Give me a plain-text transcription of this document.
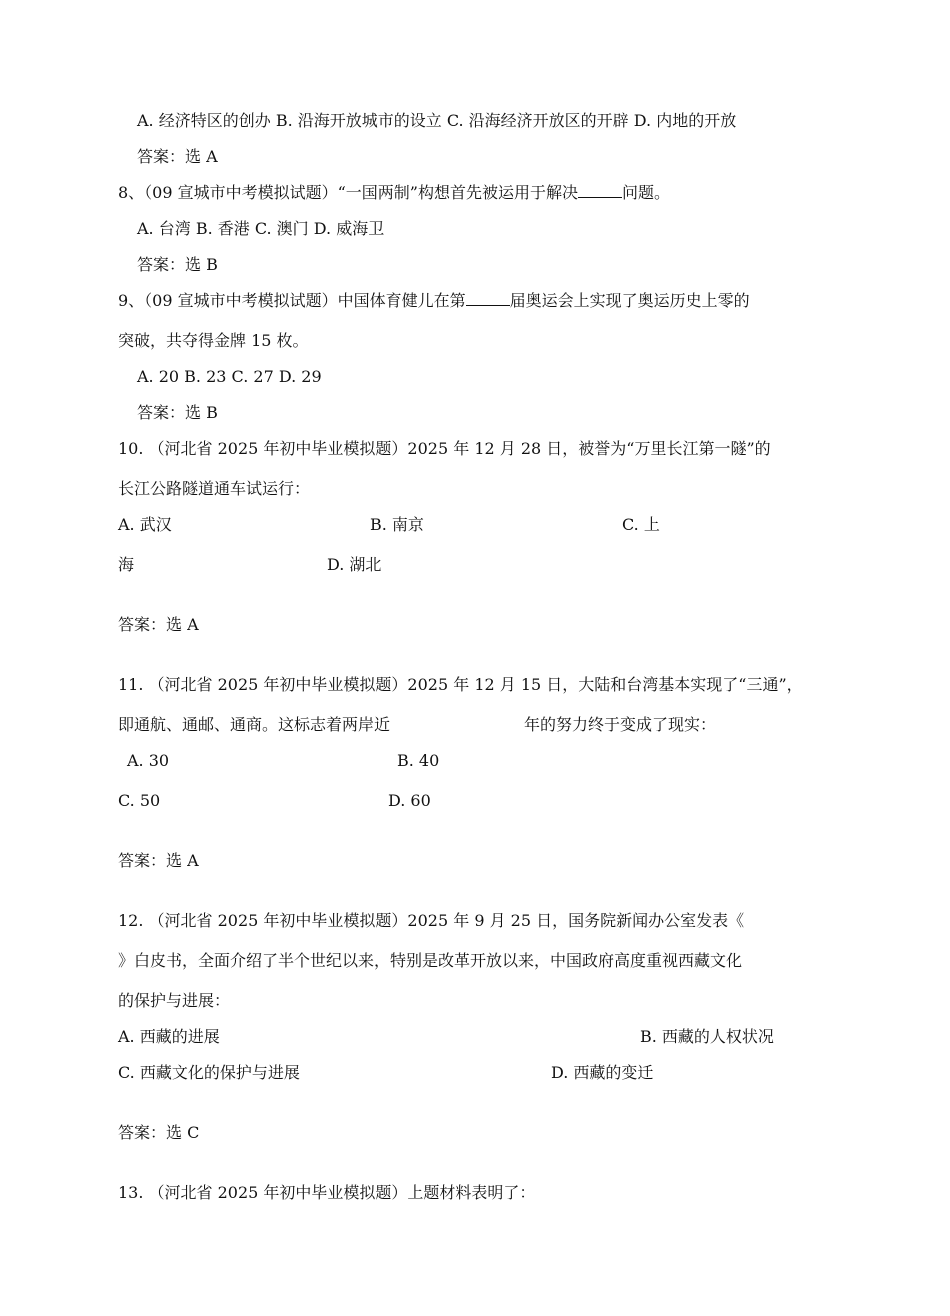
A. 经济特区的创办 B. 沿海开放城市的设立 C. 沿海经济开放区的开辟 D. 内地的开放
答案：选 A
8、（09 宣城市中考模拟试题）“一国两制”构想首先被运用于解决	问题。
A. 台湾 B. 香港 C. 澳门 D. 威海卫
答案：选 B
9、（09 宣城市中考模拟试题）中国体育健儿在第	届奥运会上实现了奥运历史上零的
突破，共夺得金牌 15 枚。
A. 20 B. 23 C. 27 D. 29
答案：选 B
10. （河北省 2025 年初中毕业模拟题）2025 年 12 月 28 日，被誉为“万里长江第一隧”的
长江公路隧道通车试运行：
A. 武汉	B. 南京	C. 上
海	D. 湖北
答案：选 A
11. （河北省 2025 年初中毕业模拟题）2025 年 12 月 15 日，大陆和台湾基本实现了“三通”，
即通航、通邮、通商。这标志着两岸近	年的努力终于变成了现实：
A. 30	B. 40
C. 50	D. 60
答案：选 A
12. （河北省 2025 年初中毕业模拟题）2025 年 9 月 25 日，国务院新闻办公室发表《
》白皮书，全面介绍了半个世纪以来，特别是改革开放以来，中国政府高度重视西藏文化
的保护与进展：
A. 西藏的进展	B. 西藏的人权状况
C. 西藏文化的保护与进展	D. 西藏的变迁
答案：选 C
13. （河北省 2025 年初中毕业模拟题）上题材料表明了：
